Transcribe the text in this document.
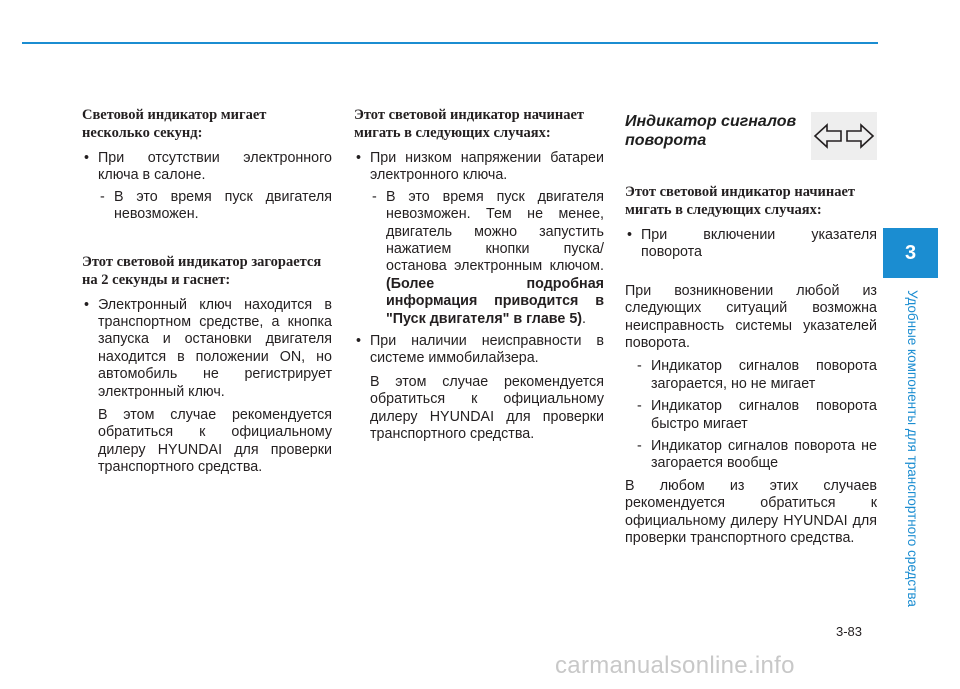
Световой индикатор мигает несколько секунд:
• При отсутствии электронного ключа в салоне.
- В это время пуск двигателя невозможен.
Этот световой индикатор загорается на 2 секунды и гаснет:
• Электронный ключ находится в транспортном средстве, а кнопка запуска и остановки двигателя находится в положении ON, но автомобиль не регистрирует электронный ключ.
В этом случае рекомендуется обратиться к официальному дилеру HYUNDAI для проверки транспортного средства.
Этот световой индикатор начинает мигать в следующих случаях:
• При низком напряжении батареи электронного ключа.
- В это время пуск двигателя невозможен. Тем не менее, двигатель можно запустить нажатием кнопки пуска/останова электронным ключом. (Более подробная информация приводится в "Пуск двигателя" в главе 5).
• При наличии неисправности в системе иммобилайзера.
В этом случае рекомендуется обратиться к официальному дилеру HYUNDAI для проверки транспортного средства.
Индикатор сигналов поворота
Этот световой индикатор начинает мигать в следующих случаях:
• При включении указателя поворота
При возникновении любой из следующих ситуаций возможна неисправность системы указателей поворота.
- Индикатор сигналов поворота загорается, но не мигает
- Индикатор сигналов поворота быстро мигает
- Индикатор сигналов поворота не загорается вообще
В любом из этих случаев рекомендуется обратиться к официальному дилеру HYUNDAI для проверки транспортного средства.
3
Удобные компоненты для транспортного средства
3-83
carmanualsonline.info
